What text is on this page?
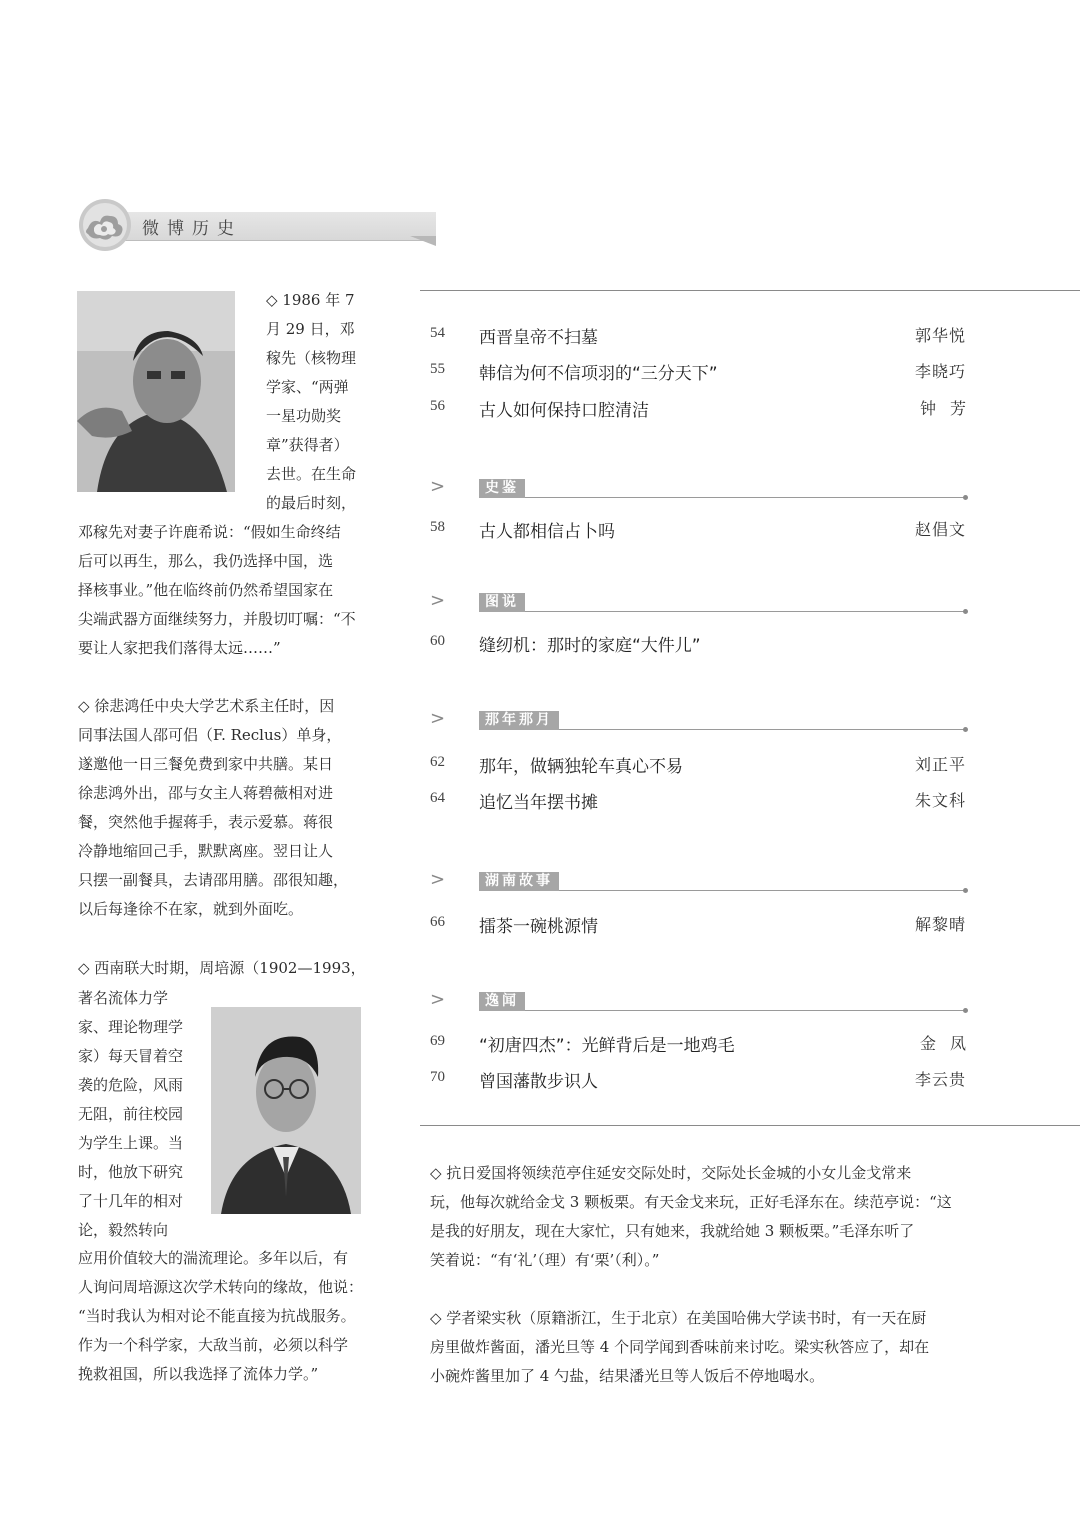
微博历史
◇ 1986 年 7
月 29 日，邓
稼先（核物理
学家、“两弹
一星功勋奖
章”获得者）
去世。在生命
的最后时刻，
邓稼先对妻子许鹿希说：“假如生命终结
后可以再生，那么，我仍选择中国，选
择核事业。”他在临终前仍然希望国家在
尖端武器方面继续努力，并殷切叮嘱：“不
要让人家把我们落得太远……”
◇ 徐悲鸿任中央大学艺术系主任时，因
同事法国人邵可侣（F. Reclus）单身，
遂邀他一日三餐免费到家中共膳。某日
徐悲鸿外出，邵与女主人蒋碧薇相对进
餐，突然他手握蒋手，表示爱慕。蒋很
冷静地缩回己手，默默离座。翌日让人
只摆一副餐具，去请邵用膳。邵很知趣，
以后每逢徐不在家，就到外面吃。
◇ 西南联大时期，周培源（1902—1993，
著名流体力学
家、理论物理学
家）每天冒着空
袭的危险，风雨
无阻，前往校园
为学生上课。当
时，他放下研究
了十几年的相对
论，毅然转向
应用价值较大的湍流理论。多年以后，有
人询问周培源这次学术转向的缘故，他说：
“当时我认为相对论不能直接为抗战服务。
作为一个科学家，大敌当前，必须以科学
挽救祖国，所以我选择了流体力学。”
54 西晋皇帝不扫墓	郭华悦
55 韩信为何不信项羽的“三分天下”	李晓巧
56 古人如何保持口腔清洁	钟芳
>	史鉴
58 古人都相信占卜吗	赵倡文
>	图说
60 缝纫机：那时的家庭“大件儿”
>	那年那月
62 那年，做辆独轮车真心不易	刘正平
64 追忆当年摆书摊	朱文科
>	湖南故事
66 擂茶一碗桃源情	解黎晴
>	逸闻
69 “初唐四杰”：光鲜背后是一地鸡毛	金凤
70 曾国藩散步识人	李云贵
◇ 抗日爱国将领续范亭住延安交际处时，交际处长金城的小女儿金戈常来
玩，他每次就给金戈 3 颗板栗。有天金戈来玩，正好毛泽东在。续范亭说：“这
是我的好朋友，现在大家忙，只有她来，我就给她 3 颗板栗。”毛泽东听了
笑着说：“有‘礼’（理）有‘栗’（利）。”
◇ 学者梁实秋（原籍浙江，生于北京）在美国哈佛大学读书时，有一天在厨
房里做炸酱面，潘光旦等 4 个同学闻到香味前来讨吃。梁实秋答应了，却在
小碗炸酱里加了 4 勺盐，结果潘光旦等人饭后不停地喝水。
